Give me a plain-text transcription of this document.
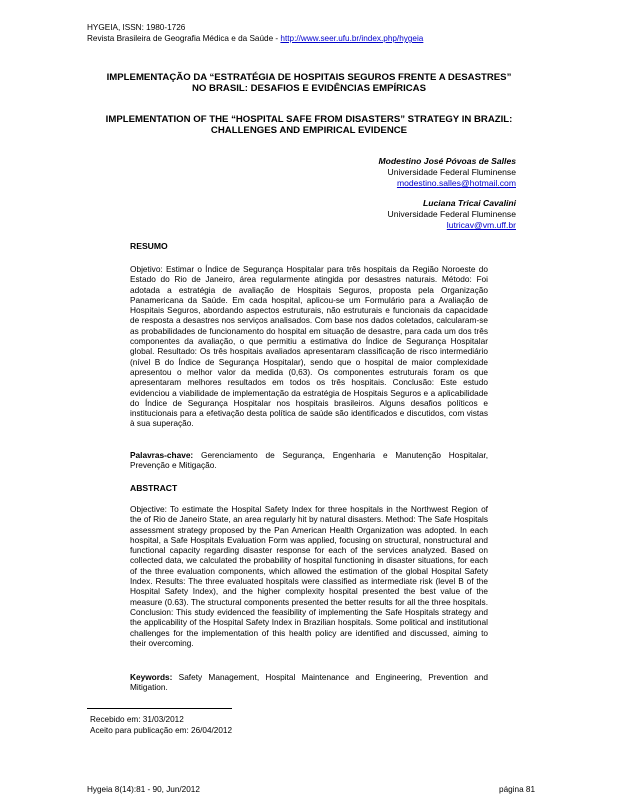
HYGEIA, ISSN: 1980-1726
Revista Brasileira de Geografia Médica e da Saúde - http://www.seer.ufu.br/index.php/hygeia
IMPLEMENTAÇÃO DA “ESTRATÉGIA DE HOSPITAIS SEGUROS FRENTE A DESASTRES”
NO BRASIL: DESAFIOS E EVIDÊNCIAS EMPÍRICAS
IMPLEMENTATION OF THE “HOSPITAL SAFE FROM DISASTERS” STRATEGY IN BRAZIL:
CHALLENGES AND EMPIRICAL EVIDENCE
Modestino José Póvoas de Salles
Universidade Federal Fluminense
modestino.salles@hotmail.com
Luciana Tricai Cavalini
Universidade Federal Fluminense
lutricav@vm.uff.br
RESUMO
Objetivo: Estimar o Índice de Segurança Hospitalar para três hospitais da Região Noroeste do Estado do Rio de Janeiro, área regularmente atingida por desastres naturais. Método: Foi adotada a estratégia de avaliação de Hospitais Seguros, proposta pela Organização Panamericana da Saúde. Em cada hospital, aplicou-se um Formulário para a Avaliação de Hospitais Seguros, abordando aspectos estruturais, não estruturais e funcionais da capacidade de resposta a desastres nos serviços analisados. Com base nos dados coletados, calcularam-se as probabilidades de funcionamento do hospital em situação de desastre, para cada um dos três componentes da avaliação, o que permitiu a estimativa do Índice de Segurança Hospitalar global. Resultado: Os três hospitais avaliados apresentaram classificação de risco intermediário (nível B do Índice de Segurança Hospitalar), sendo que o hospital de maior complexidade apresentou o melhor valor da medida (0,63). Os componentes estruturais foram os que apresentaram melhores resultados em todos os três hospitais. Conclusão: Este estudo evidenciou a viabilidade de implementação da estratégia de Hospitais Seguros e a aplicabilidade do Índice de Segurança Hospitalar nos hospitais brasileiros. Alguns desafios políticos e institucionais para a efetivação desta política de saúde são identificados e discutidos, com vistas à sua superação.
Palavras-chave: Gerenciamento de Segurança, Engenharia e Manutenção Hospitalar, Prevenção e Mitigação.
ABSTRACT
Objective: To estimate the Hospital Safety Index for three hospitals in the Northwest Region of the of Rio de Janeiro State, an area regularly hit by natural disasters. Method: The Safe Hospitals assessment strategy proposed by the Pan American Health Organization was adopted. In each hospital, a Safe Hospitals Evaluation Form was applied, focusing on structural, nonstructural and functional capacity regarding disaster response for each of the services analyzed. Based on collected data, we calculated the probability of hospital functioning in disaster situations, for each of the three evaluation components, which allowed the estimation of the global Hospital Safety Index. Results: The three evaluated hospitals were classified as intermediate risk (level B of the Hospital Safety Index), and the higher complexity hospital presented the best value of the measure (0.63). The structural components presented the better results for all the three hospitals. Conclusion: This study evidenced the feasibility of implementing the Safe Hospitals strategy and the applicability of the Hospital Safety Index in Brazilian hospitals. Some political and institutional challenges for the implementation of this health policy are identified and discussed, aiming to their overcoming.
Keywords: Safety Management, Hospital Maintenance and Engineering, Prevention and Mitigation.
Recebido em: 31/03/2012
Aceito para publicação em: 26/04/2012
Hygeia 8(14):81 - 90, Jun/2012	página 81
